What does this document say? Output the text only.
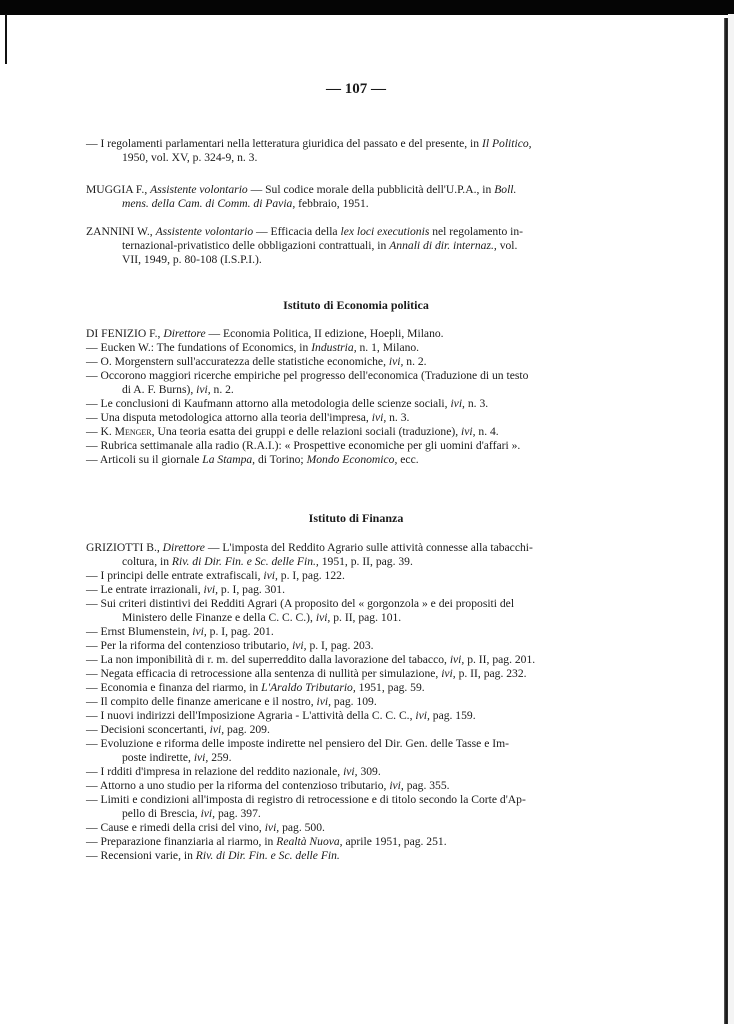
— 107 —
— I regolamenti parlamentari nella letteratura giuridica del passato e del presente, in Il Politico,
1950, vol. XV, p. 324-9, n. 3.
MUGGIA F., Assistente volontario — Sul codice morale della pubblicità dell'U.P.A., in Boll.
mens. della Cam. di Comm. di Pavia, febbraio, 1951.
ZANNINI W., Assistente volontario — Efficacia della lex loci executionis nel regolamento in-
ternazional-privatistico delle obbligazioni contrattuali, in Annali di dir. internaz., vol.
VII, 1949, p. 80-108 (I.S.P.I.).
Istituto di Economia politica
DI FENIZIO F., Direttore — Economia Politica, II edizione, Hoepli, Milano.
— Eucken W.: The fundations of Economics, in Industria, n. 1, Milano.
— O. Morgenstern sull'accuratezza delle statistiche economiche, ivi, n. 2.
— Occorono maggiori ricerche empiriche pel progresso dell'economica (Traduzione di un testo
di A. F. Burns), ivi, n. 2.
— Le conclusioni di Kaufmann attorno alla metodologia delle scienze sociali, ivi, n. 3.
— Una disputa metodologica attorno alla teoria dell'impresa, ivi, n. 3.
— K. Menger, Una teoria esatta dei gruppi e delle relazioni sociali (traduzione), ivi, n. 4.
— Rubrica settimanale alla radio (R.A.I.): « Prospettive economiche per gli uomini d'affari ».
— Articoli su il giornale La Stampa, di Torino; Mondo Economico, ecc.
Istituto di Finanza
GRIZIOTTI B., Direttore — L'imposta del Reddito Agrario sulle attività connesse alla tabacchi-
coltura, in Riv. di Dir. Fin. e Sc. delle Fin., 1951, p. II, pag. 39.
— I principi delle entrate extrafiscali, ivi, p. I, pag. 122.
— Le entrate irrazionali, ivi, p. I, pag. 301.
— Sui criteri distintivi dei Redditi Agrari (A proposito del « gorgonzola » e dei propositi del
Ministero delle Finanze e della C. C. C.), ivi, p. II, pag. 101.
— Ernst Blumenstein, ivi, p. I, pag. 201.
— Per la riforma del contenzioso tributario, ivi, p. I, pag. 203.
— La non imponibilità di r. m. del superreddito dalla lavorazione del tabacco, ivi, p. II, pag. 201.
— Negata efficacia di retrocessione alla sentenza di nullità per simulazione, ivi, p. II, pag. 232.
— Economia e finanza del riarmo, in L'Araldo Tributario, 1951, pag. 59.
— Il compito delle finanze americane e il nostro, ivi, pag. 109.
— I nuovi indirizzi dell'Imposizione Agraria - L'attività della C. C. C., ivi, pag. 159.
— Decisioni sconcertanti, ivi, pag. 209.
— Evoluzione e riforma delle imposte indirette nel pensiero del Dir. Gen. delle Tasse e Im-
poste indirette, ivi, 259.
— I rdditi d'impresa in relazione del reddito nazionale, ivi, 309.
— Attorno a uno studio per la riforma del contenzioso tributario, ivi, pag. 355.
— Limiti e condizioni all'imposta di registro di retrocessione e di titolo secondo la Corte d'Ap-
pello di Brescia, ivi, pag. 397.
— Cause e rimedi della crisi del vino, ivi, pag. 500.
— Preparazione finanziaria al riarmo, in Realtà Nuova, aprile 1951, pag. 251.
— Recensioni varie, in Riv. di Dir. Fin. e Sc. delle Fin.
